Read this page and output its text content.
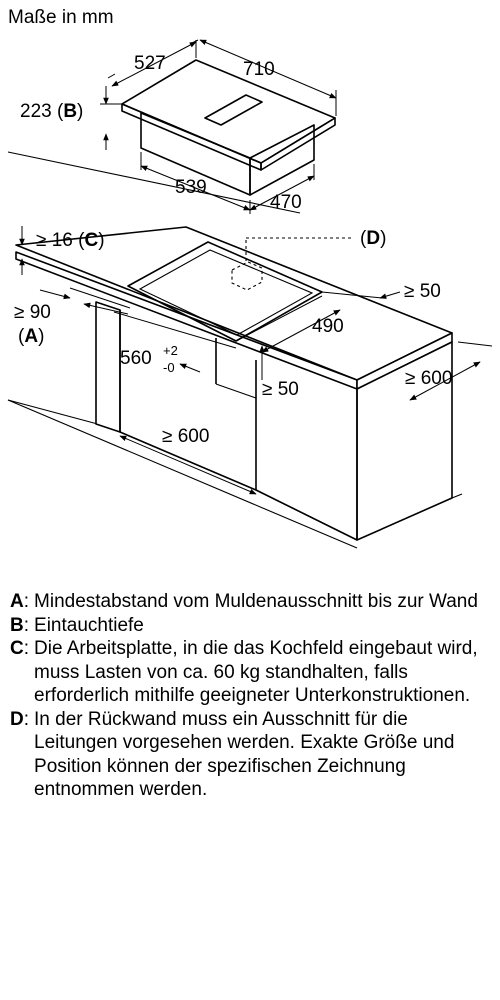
Maße in mm
527	710
223 (B)
539
470
≥ 16 (C)	(D)
≥ 90
(A)
≥ 50
490
560 +2
-0
≥ 50
≥ 600
≥ 600
A: Mindestabstand vom Muldenausschnitt bis zur Wand
B: Eintauchtiefe
C: Die Arbeitsplatte, in die das Kochfeld eingebaut wird, muss Lasten von ca. 60 kg standhalten, falls erforderlich mithilfe geeigneter Unterkonstruktionen.
D: In der Rückwand muss ein Ausschnitt für die Leitungen vorgesehen werden. Exakte Größe und Position können der spezifischen Zeichnung entnommen werden.
